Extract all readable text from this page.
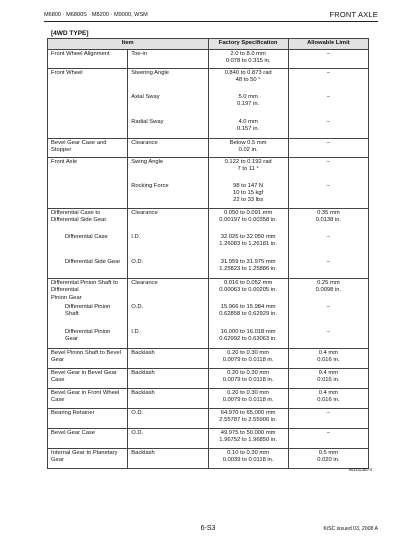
M6800 · M6800S · M8200 · M9000, WSM	FRONT AXLE
[4WD TYPE]
Item		Factory Specification	Allowable Limit
Front Wheel Alignment	Toe-in	2.0 to 8.0 mm
0.078 to 0.315 in.	–
Front Wheel	Steering Angle	0.840 to 0.873 rad
48 to 50 °	–
	Axial Sway	5.0 mm
0.197 in.	–
	Radial Sway	4.0 mm
0.157 in.	–
Bevel Gear Case and Stopper	Clearance	Below 0.5 mm
0.02 in.	–
Front Axle	Swing Angle	0.122 to 0.192 rad
7 to 11 °	–
	Rocking Force	98 to 147 N
10 to 15 kgf
22 to 33 lbs	–
Differential Case to Differential Side Gear	Clearance	0.050 to 0.091 mm
0.00197 to 0.00358 in.	0.35 mm
0.0138 in.
Differential Case	I.D.	32.025 to 32.050 mm
1.26083 to 1.26181 in.	–
Differential Side Gear	O.D.	31.959 to 31.975 mm
1.25823 to 1.25886 in.	–
Differential Pinion Shaft to Differential
Pinion Gear	Clearance	0.016 to 0.052 mm
0.00063 to 0.00205 in.	0.25 mm
0.0098 in.
Differential Pinion Shaft	O.D.	15.966 to 15.984 mm
0.62858 to 0.62929 in.	–
Differential Pinion Gear	I.D.	16.000 to 16.018 mm
0.62992 to 0.63063 in.	–
Bevel Pinion Shaft to Bevel Gear	Backlash	0.20 to 0.30 mm
0.0079 to 0.0118 in.	0.4 mm
0.016 in.
Bevel Gear in Bevel Gear Case	Backlash	0.20 to 0.30 mm
0.0079 to 0.0118 in.	0.4 mm
0.016 in.
Bevel Gear in Front Wheel Case	Backlash	0.20 to 0.30 mm
0.0079 to 0.0118 in.	0.4 mm
0.016 in.
Bearing Retainer	O.D.	64.970 to 65.000 mm
2.55787 to 2.55906 in.	–
Bevel Gear Case	O.D.	49.975 to 50.000 mm
1.96752 to 1.96850 in.	–
Internal Gear to Planetary Gear	Backlash	0.10 to 0.30 mm
0.0039 to 0.0118 in.	0.5 mm
0.020 in.
W1013874
6-S3	KiSC issued 03, 2008 A
